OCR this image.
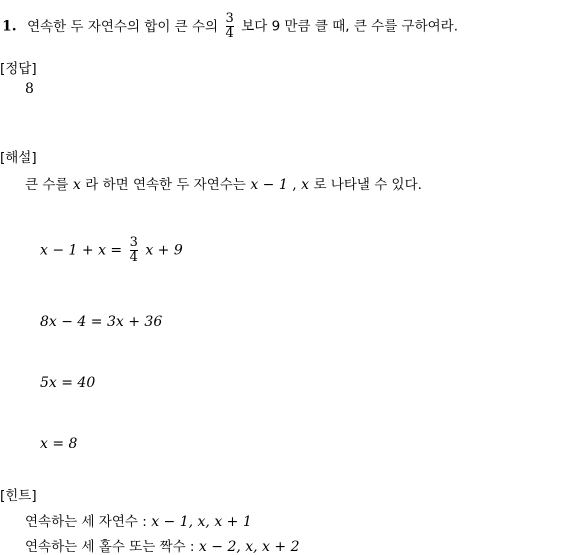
1. 연속한 두 자연수의 합이 큰 수의 $\frac{3}{4}$ 보다 9 만큼 클 때, 큰 수를 구하여라.
[정답]
8
[해설]
큰 수를 x 라 하면 연속한 두 자연수는 x − 1 , x 로 나타낼 수 있다.
$x - 1 + x = \frac{3}{4}$ x + 9
8x − 4 = 3x + 36
5x = 40
x = 8
[힌트]
연속하는 세 자연수 : x − 1, x, x + 1
연속하는 세 홀수 또는 짝수 : x − 2, x, x + 2
